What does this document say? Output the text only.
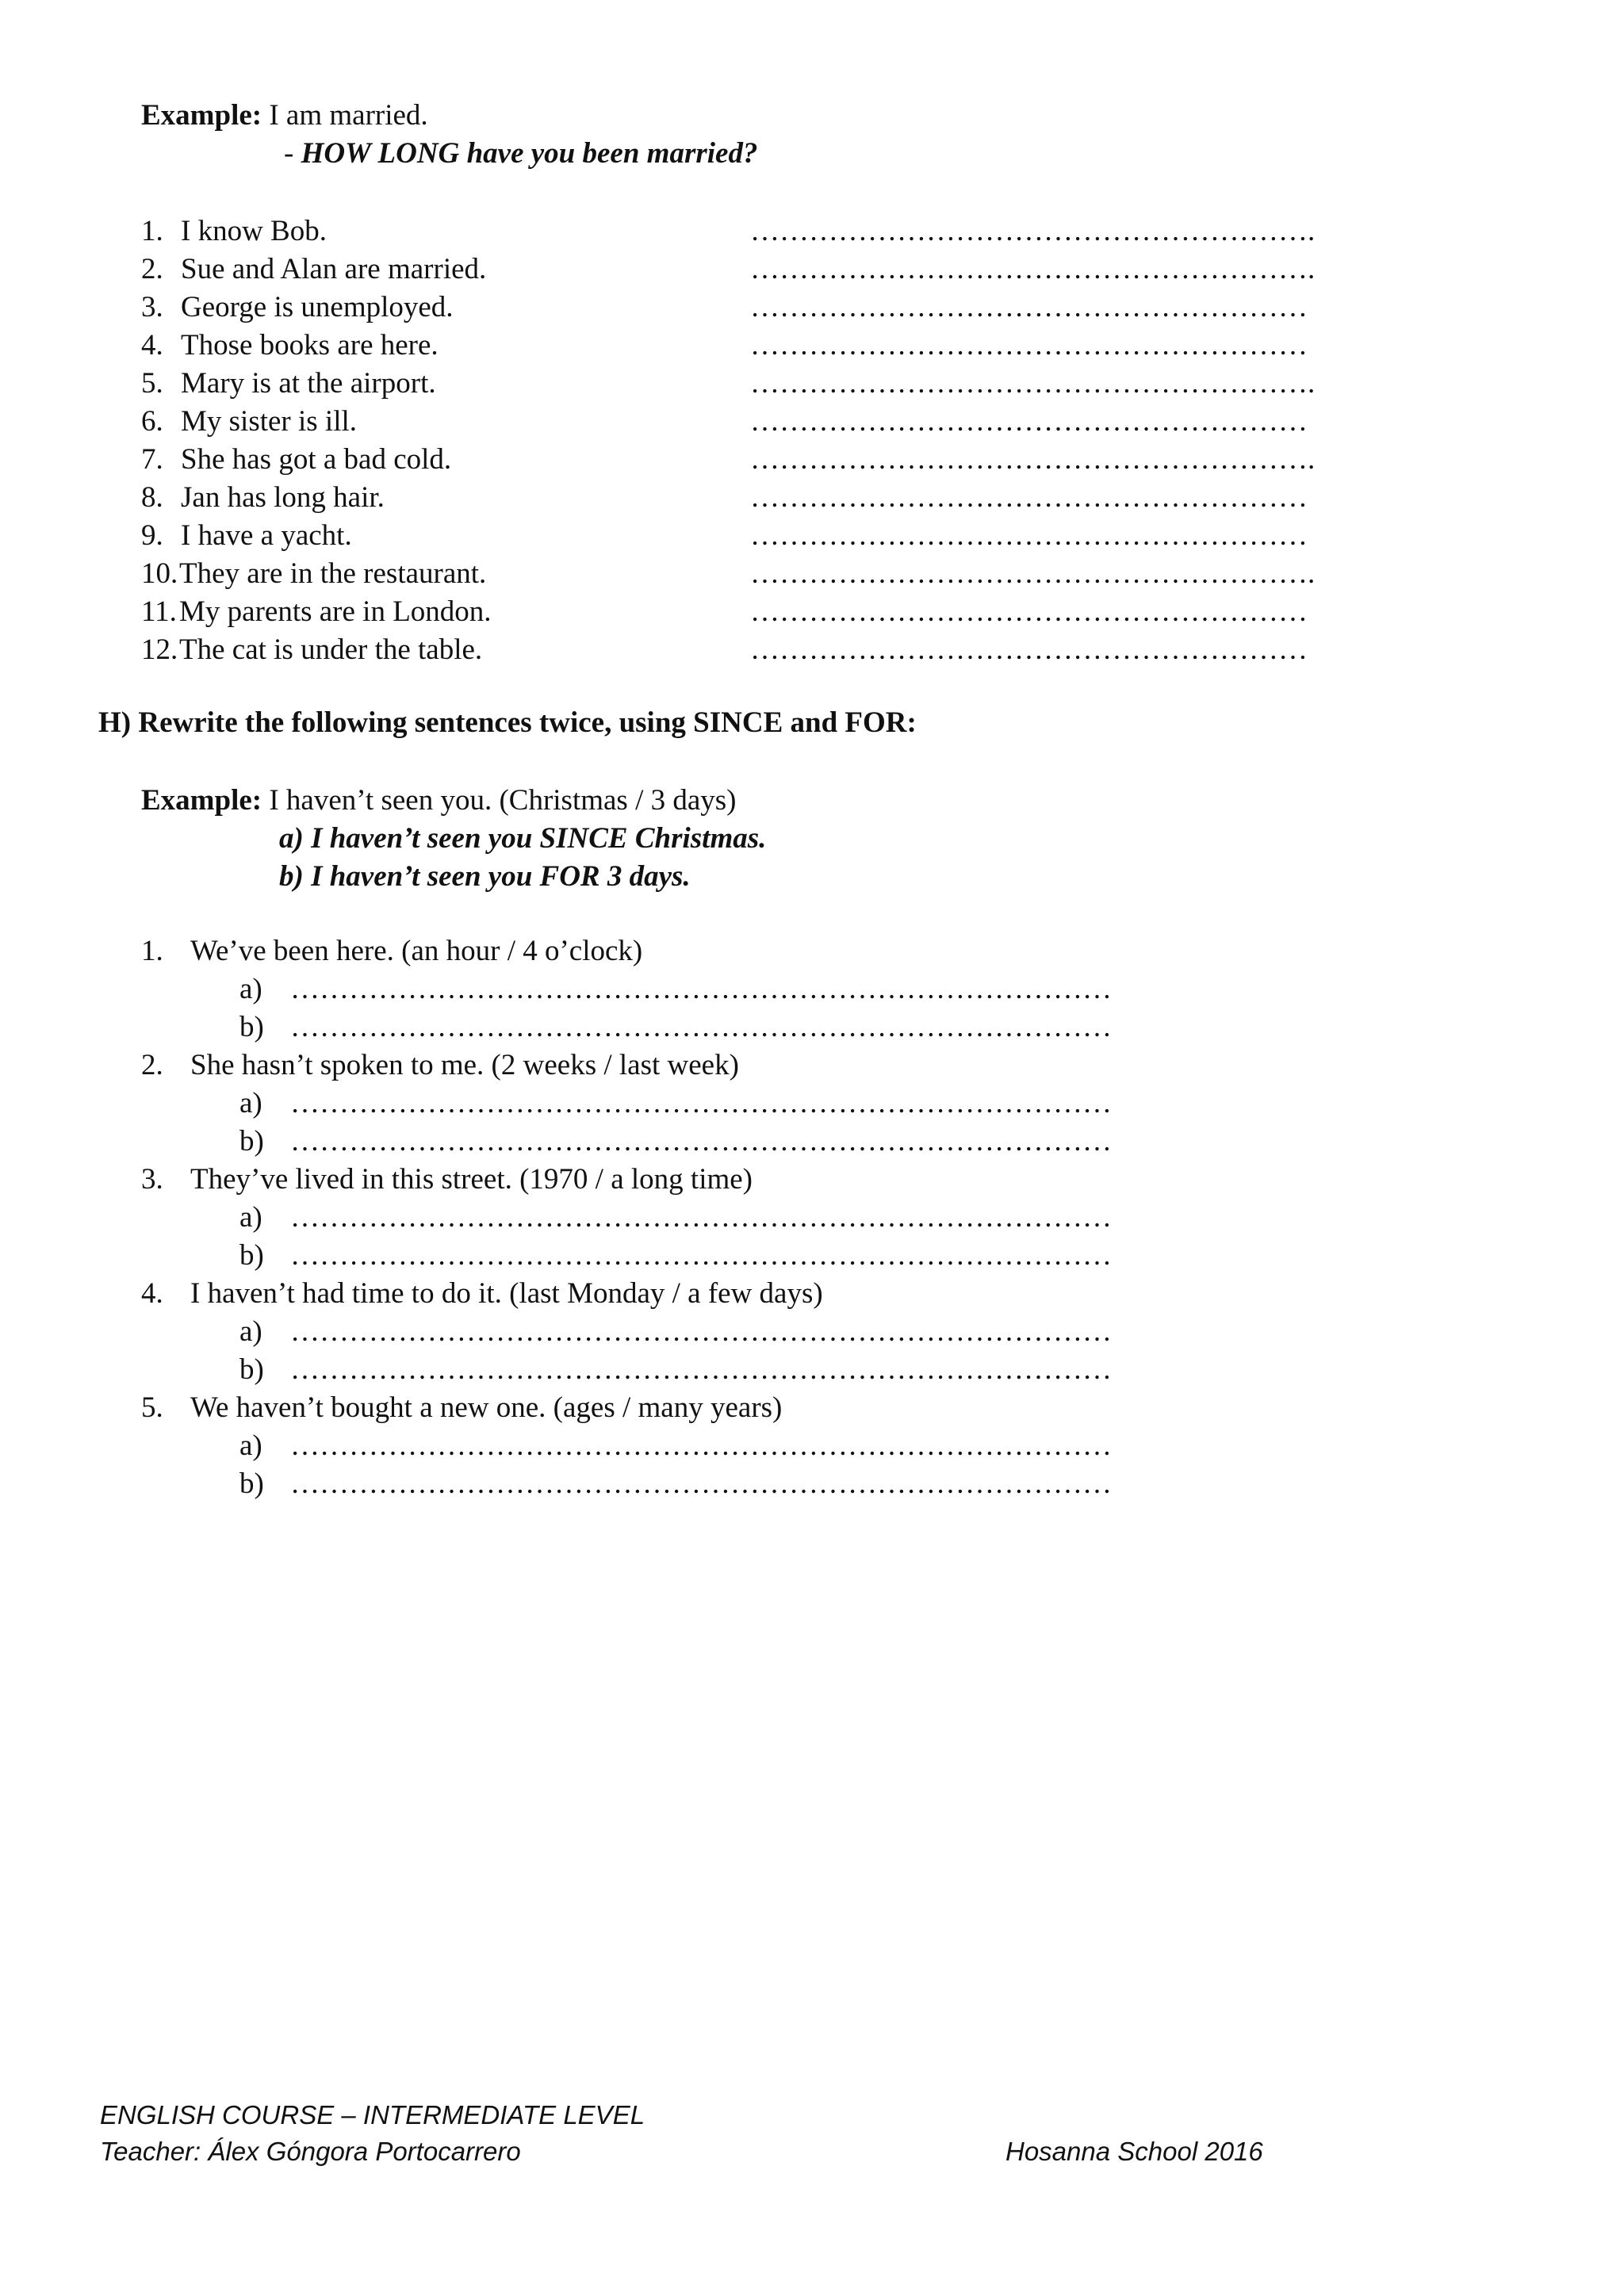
Example: I am married.
- HOW LONG have you been married?
1. I know Bob.	………………………………………………….
2. Sue and Alan are married.	………………………………………………….
3. George is unemployed.	…………………………………………………
4. Those books are here.	…………………………………………………
5. Mary is at the airport.	………………………………………………….
6. My sister is ill.	…………………………………………………
7. She has got a bad cold.	………………………………………………….
8. Jan has long hair.	…………………………………………………
9. I have a yacht.	…………………………………………………
10. They are in the restaurant.	………………………………………………….
11. My parents are in London.	…………………………………………………
12. The cat is under the table.	…………………………………………………
H) Rewrite the following sentences twice, using SINCE and FOR:
Example: I haven’t seen you. (Christmas / 3 days)
a) I haven’t seen you SINCE Christmas.
b) I haven’t seen you FOR 3 days.
1. We’ve been here. (an hour / 4 o’clock)
a) …………………………………………………………………………
b) …………………………………………………………………………
2. She hasn’t spoken to me. (2 weeks / last week)
a) …………………………………………………………………………
b) …………………………………………………………………………
3. They’ve lived in this street. (1970 / a long time)
a) …………………………………………………………………………
b) …………………………………………………………………………
4. I haven’t had time to do it. (last Monday / a few days)
a) …………………………………………………………………………
b) …………………………………………………………………………
5. We haven’t bought a new one. (ages / many years)
a) …………………………………………………………………………
b) …………………………………………………………………………
ENGLISH COURSE – INTERMEDIATE LEVEL
Teacher: Álex Góngora Portocarrero	Hosanna School 2016
